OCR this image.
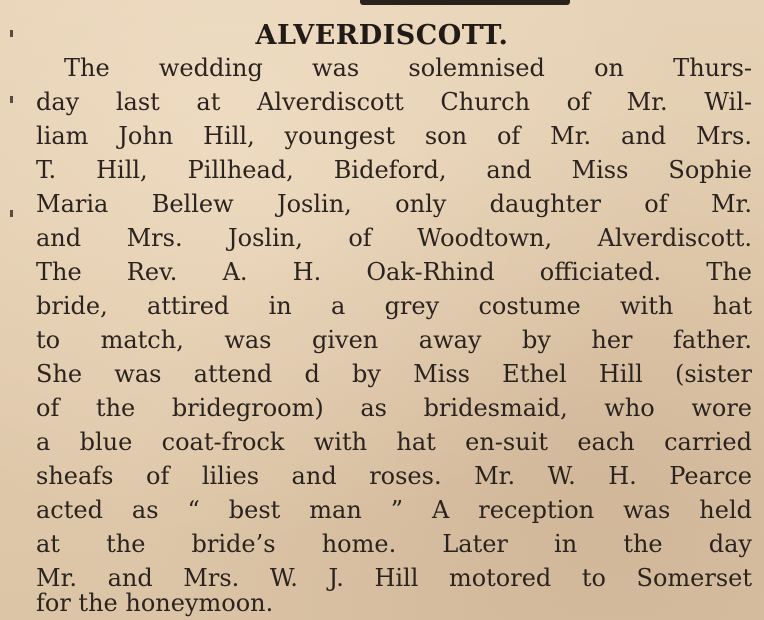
ALVERDISCOTT.

The wedding was solemnised on Thurs-

day last at Alverdiscott Church of Mr. Wil-

liam John Hill, youngest son of Mr. and Mrs.

T. Hill, Pillhead, Bideford, and Miss Sophie

Maria Bellew Joslin, only daughter of Mr.

and Mrs. Joslin, of Woodtown, Alverdiscott.

The Rev. A. H. Oak-Rhind officiated. The

bride, attired in a grey costume with hat

to match, was given away by her father.

She was attend d by Miss Ethel Hill (sister

of the bridegroom) as bridesmaid, who wore

a blue coat-frock with hat en-suit each carried

sheafs of lilies and roses. Mr. W. H. Pearce

acted as “ best man ” A reception was held

at the bride’s home. Later in the day

Mr. and Mrs. W. J. Hill motored to Somerset

for the honeymoon.
